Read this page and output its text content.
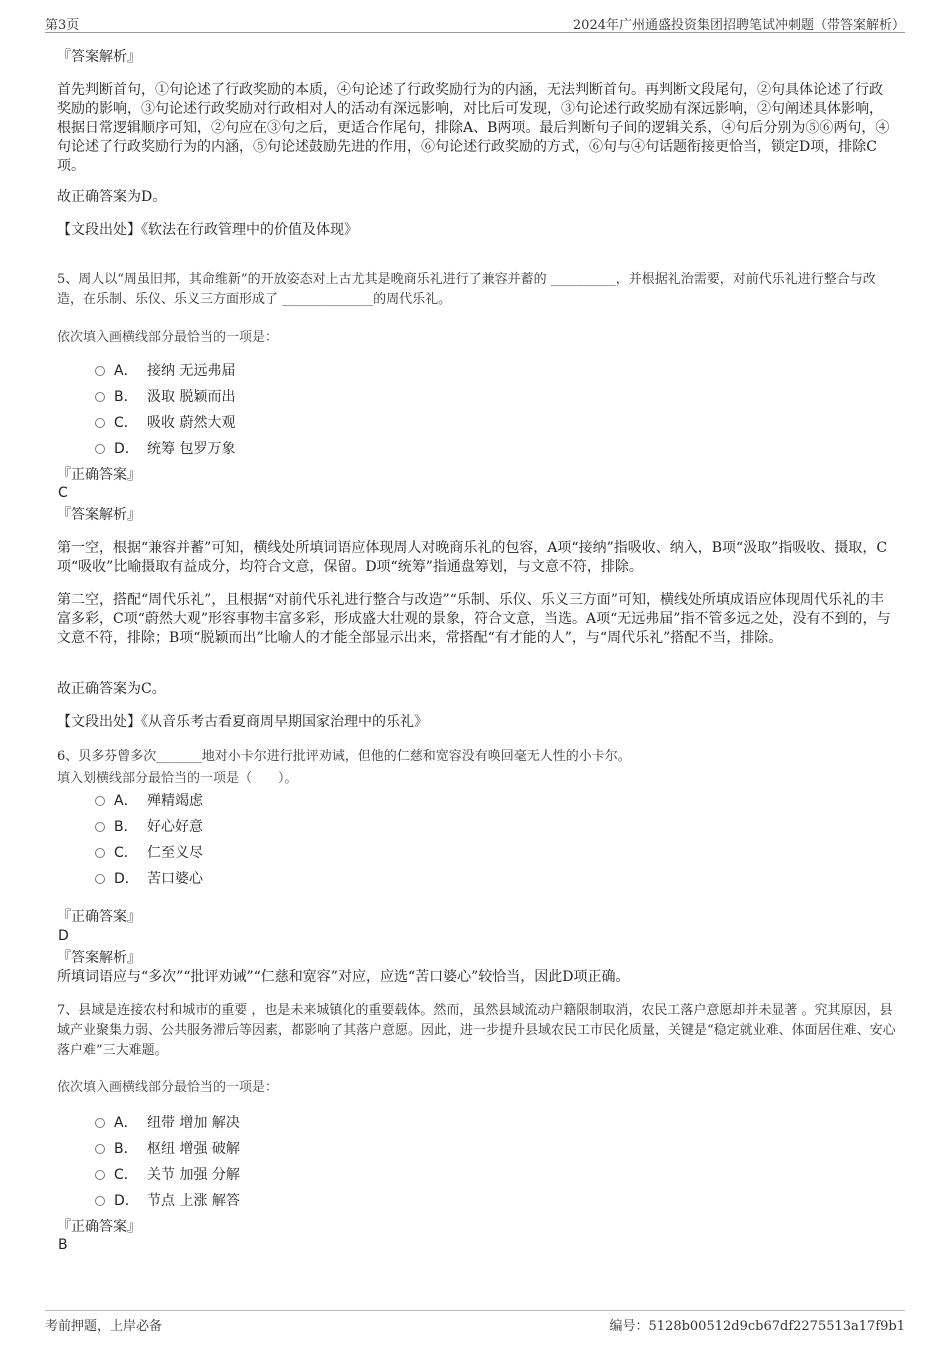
第3页	2024年广州通盛投资集团招聘笔试冲刺题（带答案解析）
『答案解析』
首先判断首句，①句论述了行政奖励的本质，④句论述了行政奖励行为的内涵，无法判断首句。再判断文段尾句，②句具体论述了行政奖励的影响，③句论述行政奖励对行政相对人的活动有深远影响，对比后可发现，③句论述行政奖励有深远影响，②句阐述具体影响，根据日常逻辑顺序可知，②句应在③句之后，更适合作尾句，排除A、B两项。最后判断句子间的逻辑关系，④句后分别为⑤⑥两句，④句论述了行政奖励行为的内涵，⑤句论述鼓励先进的作用，⑥句论述行政奖励的方式，⑥句与④句话题衔接更恰当，锁定D项，排除C项。
故正确答案为D。
【文段出处】《软法在行政管理中的价值及体现》
5、周人以“周虽旧邦，其命维新”的开放姿态对上古尤其是晚商乐礼进行了兼容并蓄的 __________，并根据礼治需要，对前代乐礼进行整合与改造，在乐制、乐仪、乐义三方面形成了 ______________的周代乐礼。
依次填入画横线部分最恰当的一项是：
A． 接纳 无远弗届
B． 汲取 脱颖而出
C． 吸收 蔚然大观
D． 统筹 包罗万象
『正确答案』
C
『答案解析』
第一空，根据“兼容并蓄”可知，横线处所填词语应体现周人对晚商乐礼的包容，A项“接纳”指吸收、纳入，B项“汲取”指吸收、摄取，C项“吸收”比喻摄取有益成分，均符合文意，保留。D项“统筹”指通盘筹划，与文意不符，排除。
第二空，搭配“周代乐礼”，且根据“对前代乐礼进行整合与改造”“乐制、乐仪、乐义三方面”可知，横线处所填成语应体现周代乐礼的丰富多彩，C项“蔚然大观”形容事物丰富多彩，形成盛大壮观的景象，符合文意，当选。A项“无远弗届”指不管多远之处，没有不到的，与文意不符，排除；B项“脱颖而出”比喻人的才能全部显示出来，常搭配“有才能的人”，与“周代乐礼”搭配不当，排除。
故正确答案为C。
【文段出处】《从音乐考古看夏商周早期国家治理中的乐礼》
6、贝多芬曾多次_______地对小卡尔进行批评劝诫，但他的仁慈和宽容没有唤回毫无人性的小卡尔。
填入划横线部分最恰当的一项是（　　）。
A． 殚精竭虑
B． 好心好意
C． 仁至义尽
D． 苦口婆心
『正确答案』
D
『答案解析』
所填词语应与“多次”“批评劝诫”“仁慈和宽容”对应，应选“苦口婆心”较恰当，因此D项正确。
7、县域是连接农村和城市的重要 ，也是未来城镇化的重要载体。然而，虽然县域流动户籍限制取消，农民工落户意愿却并未显著 。究其原因，县域产业聚集力弱、公共服务滞后等因素，都影响了其落户意愿。因此，进一步提升县域农民工市民化质量，关键是“稳定就业难、体面居住难、安心落户难”三大难题。
依次填入画横线部分最恰当的一项是：
A． 纽带 增加 解决
B． 枢纽 增强 破解
C． 关节 加强 分解
D． 节点 上涨 解答
『正确答案』
B
考前押题，上岸必备	编号：5128b00512d9cb67df2275513a17f9b1
